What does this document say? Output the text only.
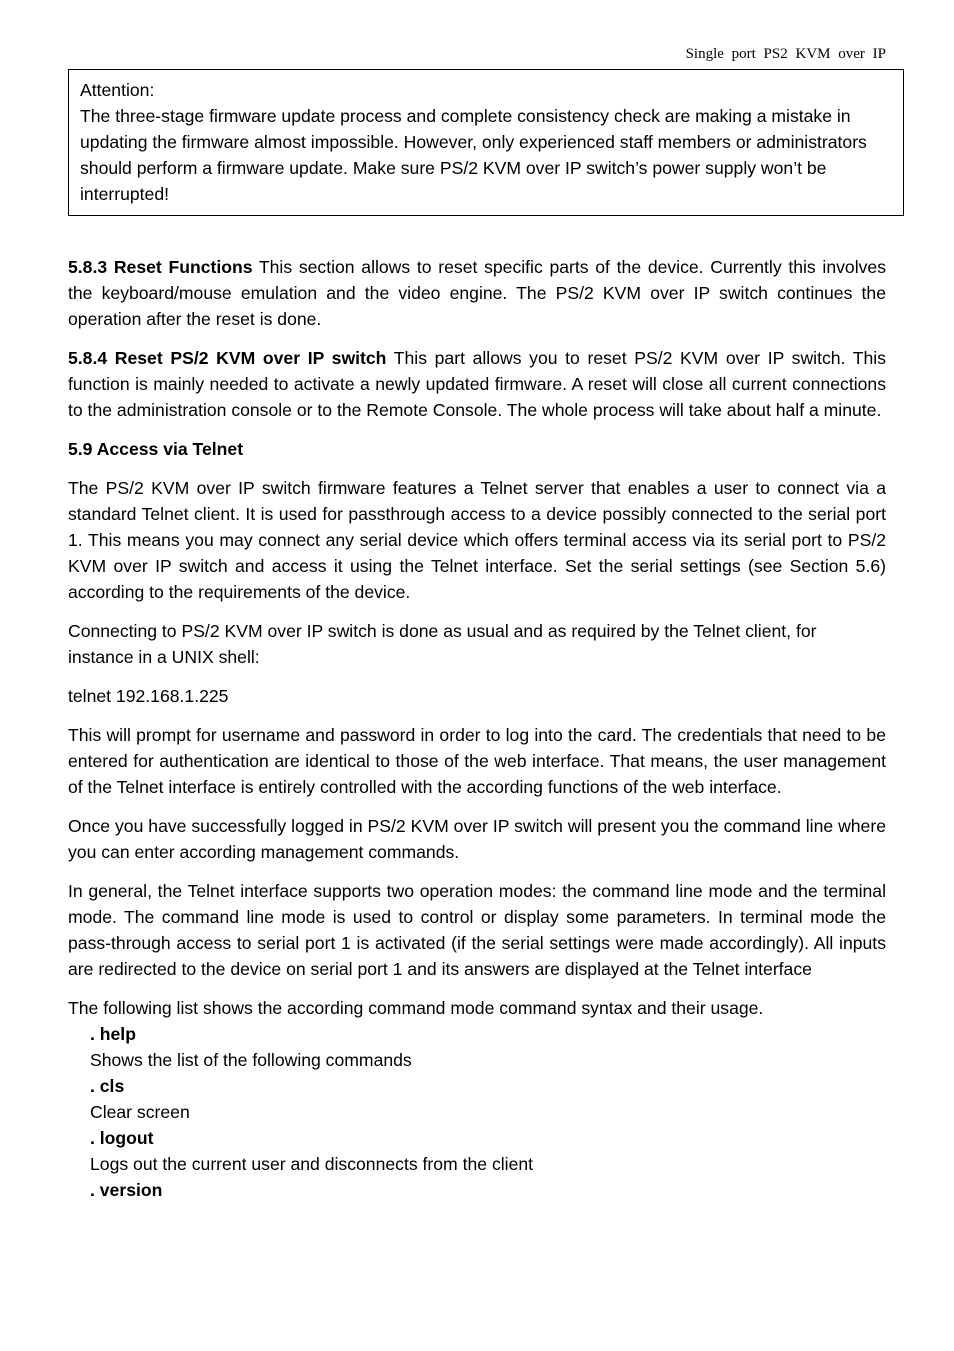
Single port PS2 KVM over IP

Attention:

The three-stage firmware update process and complete consistency check are making a mistake in updating the firmware almost impossible. However, only experienced staff members or administrators should perform a firmware update. Make sure PS/2 KVM over IP switch’s power supply won’t be interrupted!

5.8.3 Reset Functions This section allows to reset specific parts of the device. Currently this involves the keyboard/mouse emulation and the video engine. The PS/2 KVM over IP switch continues the operation after the reset is done.

5.8.4 Reset PS/2 KVM over IP switch This part allows you to reset PS/2 KVM over IP switch. This function is mainly needed to activate a newly updated firmware. A reset will close all current connections to the administration console or to the Remote Console. The whole process will take about half a minute.

5.9 Access via Telnet

The PS/2 KVM over IP switch firmware features a Telnet server that enables a user to connect via a standard Telnet client. It is used for passthrough access to a device possibly connected to the serial port 1. This means you may connect any serial device which offers terminal access via its serial port to PS/2 KVM over IP switch and access it using the Telnet interface. Set the serial settings (see Section 5.6) according to the requirements of the device.

Connecting to PS/2 KVM over IP switch is done as usual and as required by the Telnet client, for instance in a UNIX shell:

telnet 192.168.1.225

This will prompt for username and password in order to log into the card. The credentials that need to be entered for authentication are identical to those of the web interface. That means, the user management of the Telnet interface is entirely controlled with the according functions of the web interface.

Once you have successfully logged in PS/2 KVM over IP switch will present you the command line where you can enter according management commands.

In general, the Telnet interface supports two operation modes: the command line mode and the terminal mode. The command line mode is used to control or display some parameters. In terminal mode the pass-through access to serial port 1 is activated (if the serial settings were made accordingly). All inputs are redirected to the device on serial port 1 and its answers are displayed at the Telnet interface

The following list shows the according command mode command syntax and their usage.

. help
Shows the list of the following commands
. cls
Clear screen
. logout
Logs out the current user and disconnects from the client
. version
